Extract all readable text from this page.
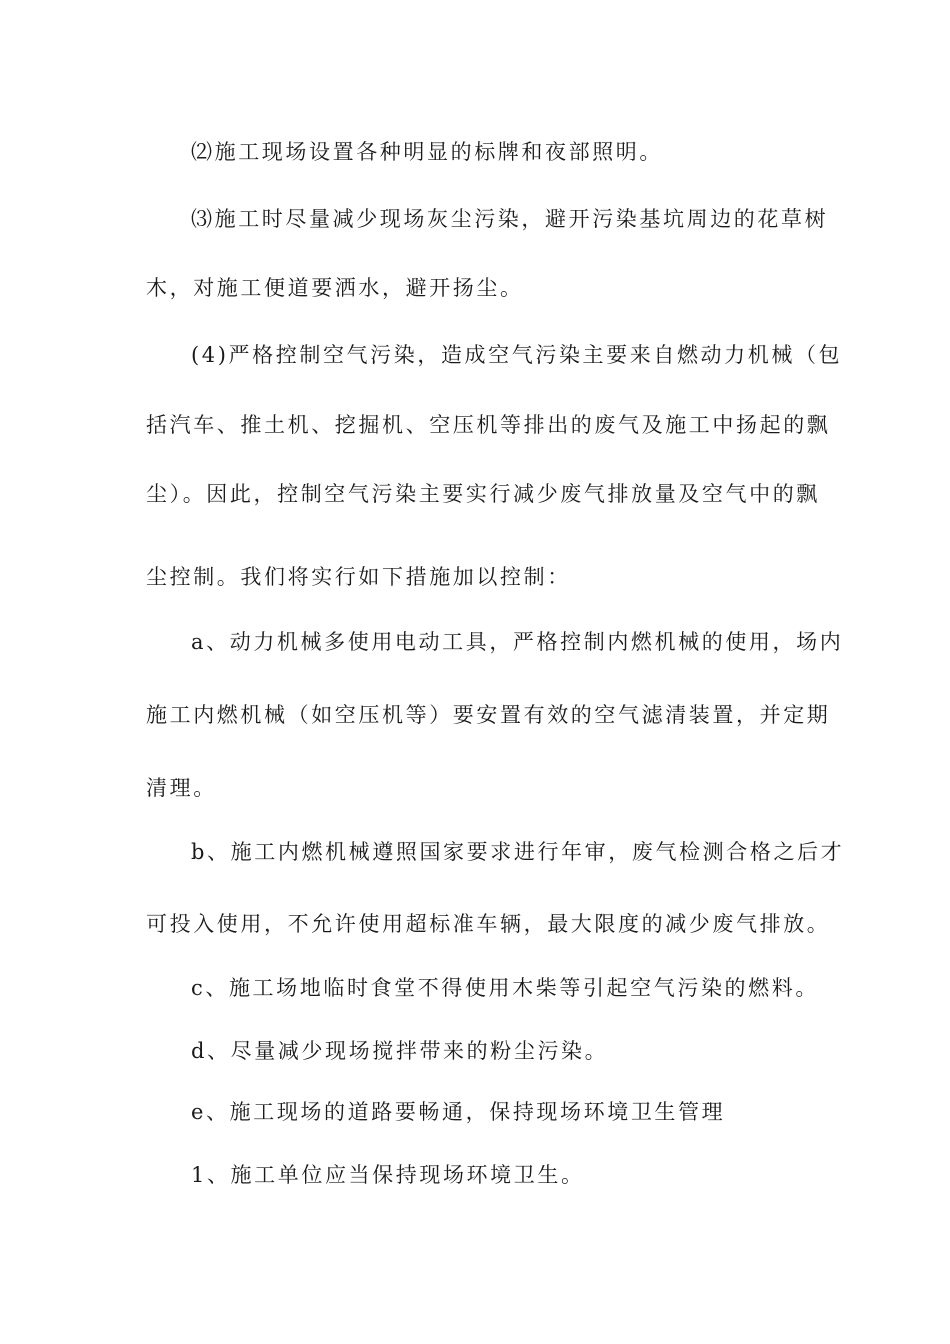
⑵施工现场设置各种明显的标牌和夜部照明。
⑶施工时尽量减少现场灰尘污染，避开污染基坑周边的花草树
木，对施工便道要洒水，避开扬尘。
(4)严格控制空气污染，造成空气污染主要来自燃动力机械（包
括汽车、推土机、挖掘机、空压机等排出的废气及施工中扬起的飘
尘）。因此，控制空气污染主要实行减少废气排放量及空气中的飘
尘控制。我们将实行如下措施加以控制：
a、动力机械多使用电动工具，严格控制内燃机械的使用，场内
施工内燃机械（如空压机等）要安置有效的空气滤清装置，并定期
清理。
b、施工内燃机械遵照国家要求进行年审，废气检测合格之后才
可投入使用，不允许使用超标准车辆，最大限度的减少废气排放。
c、施工场地临时食堂不得使用木柴等引起空气污染的燃料。
d、尽量减少现场搅拌带来的粉尘污染。
e、施工现场的道路要畅通，保持现场环境卫生管理
1、施工单位应当保持现场环境卫生。
